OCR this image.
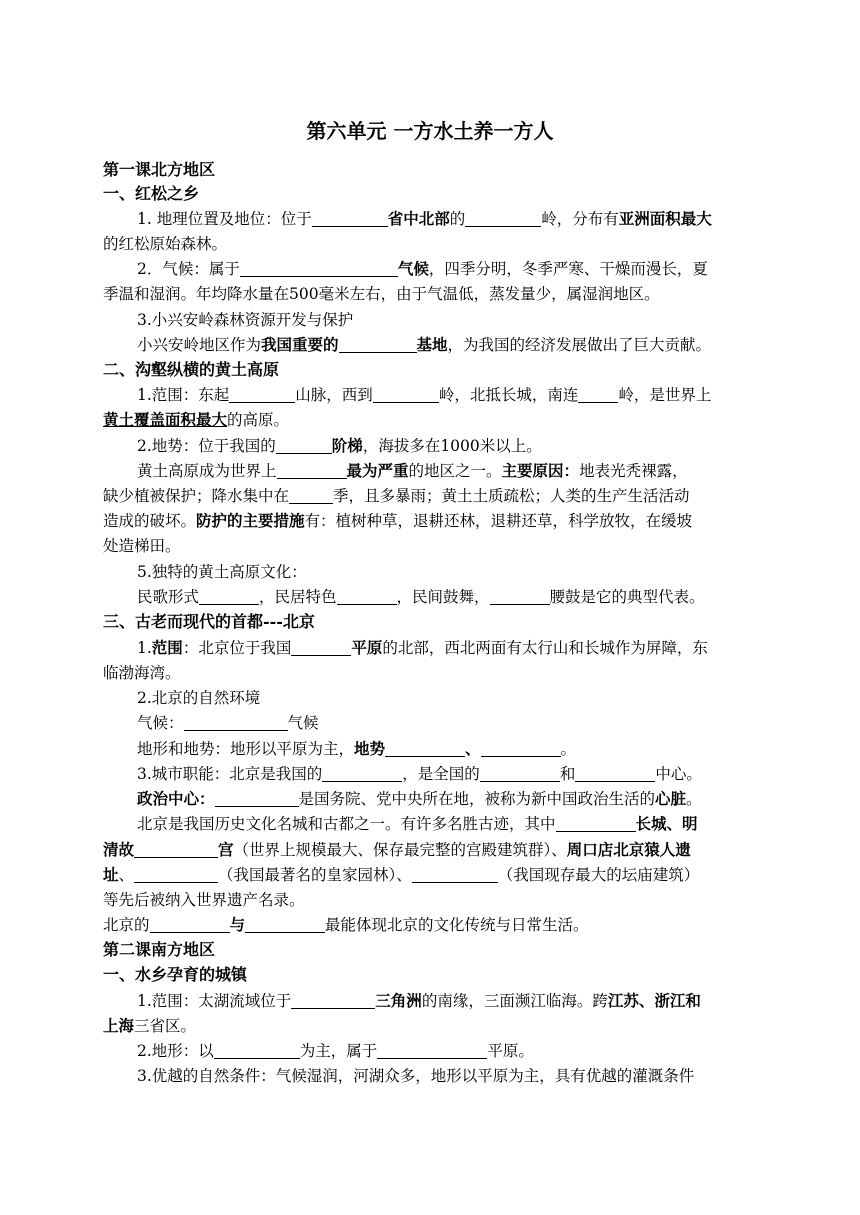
第六单元 一方水土养一方人
第一课北方地区
一、红松之乡
1. 地理位置及地位：位于	省中北部的	岭，分布有亚洲面积最大
的红松原始森林。
2．气候：属于	气候，四季分明，冬季严寒、干燥而漫长，夏
季温和湿润。年均降水量在500毫米左右，由于气温低，蒸发量少，属湿润地区。
3.小兴安岭森林资源开发与保护
小兴安岭地区作为我国重要的	基地，为我国的经济发展做出了巨大贡献。
二、沟壑纵横的黄土高原
1.范围：东起	山脉，西到	岭，北抵长城，南连	岭，是世界上
黄土覆盖面积最大的高原。
2.地势：位于我国的	阶梯，海拔多在1000米以上。
黄土高原成为世界上	最为严重的地区之一。主要原因：地表光秃裸露，
缺少植被保护；降水集中在	季，且多暴雨；黄土土质疏松；人类的生产生活活动
造成的破坏。防护的主要措施有：植树种草，退耕还林，退耕还草，科学放牧，在缓坡
处造梯田。
5.独特的黄土高原文化：
民歌形式	，民居特色	，民间鼓舞，	腰鼓是它的典型代表。
三、古老而现代的首都---北京
1.范围：北京位于我国	平原的北部，西北两面有太行山和长城作为屏障，东
临渤海湾。
2.北京的自然环境
气候：	气候
地形和地势：地形以平原为主，地势	、	。
3.城市职能：北京是我国的	，是全国的	和	中心。
政治中心：	是国务院、党中央所在地，被称为新中国政治生活的心脏。
北京是我国历史文化名城和古都之一。有许多名胜古迹，其中	长城、明
清故	宫（世界上规模最大、保存最完整的宫殿建筑群）、周口店北京猿人遗
址、	（我国最著名的皇家园林）、	（我国现存最大的坛庙建筑）
等先后被纳入世界遗产名录。
北京的	与	最能体现北京的文化传统与日常生活。
第二课南方地区
一、水乡孕育的城镇
1.范围：太湖流域位于	三角洲的南缘，三面濒江临海。跨江苏、浙江和
上海三省区。
2.地形：以	为主，属于	平原。
3.优越的自然条件：气候湿润，河湖众多，地形以平原为主，具有优越的灌溉条件
